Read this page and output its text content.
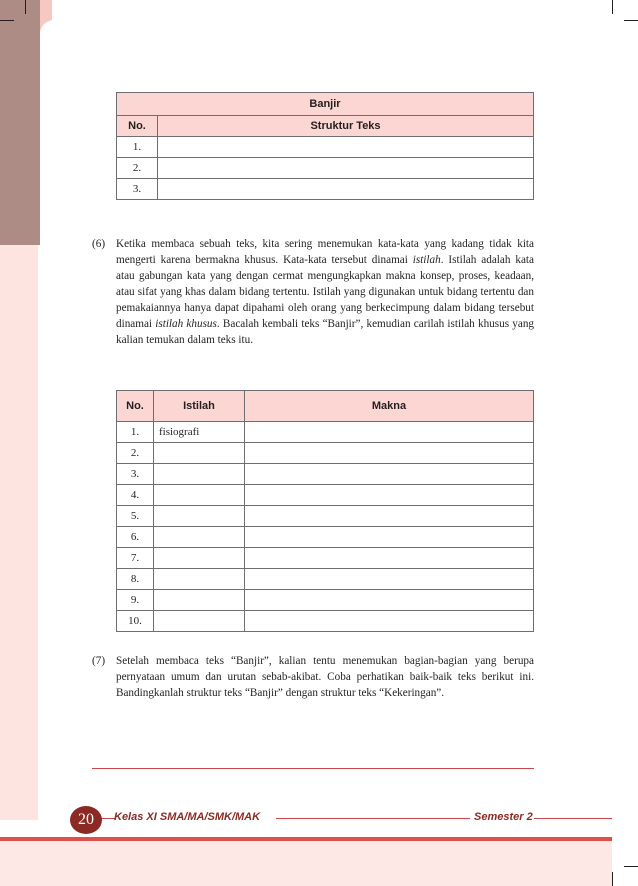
Banjir	
No.	Struktur Teks
1.	
2.	
3.	
(6) Ketika membaca sebuah teks, kita sering menemukan kata-kata yang kadang tidak kita mengerti karena bermakna khusus. Kata-kata tersebut dinamai istilah. Istilah adalah kata atau gabungan kata yang dengan cermat mengungkapkan makna konsep, proses, keadaan, atau sifat yang khas dalam bidang tertentu. Istilah yang digunakan untuk bidang tertentu dan pemakaiannya hanya dapat dipahami oleh orang yang berkecimpung dalam bidang tersebut dinamai istilah khusus. Bacalah kembali teks “Banjir”, kemudian carilah istilah khusus yang kalian temukan dalam teks itu.
No.	Istilah	Makna
1.	fisiografi	
2.		
3.		
4.		
5.		
6.		
7.		
8.		
9.		
10.		
(7) Setelah membaca teks “Banjir”, kalian tentu menemukan bagian-bagian yang berupa pernyataan umum dan urutan sebab-akibat. Coba perhatikan baik-baik teks berikut ini. Bandingkanlah struktur teks “Banjir” dengan struktur teks “Kekeringan”.
20	Kelas XI SMA/MA/SMK/MAK	Semester 2
